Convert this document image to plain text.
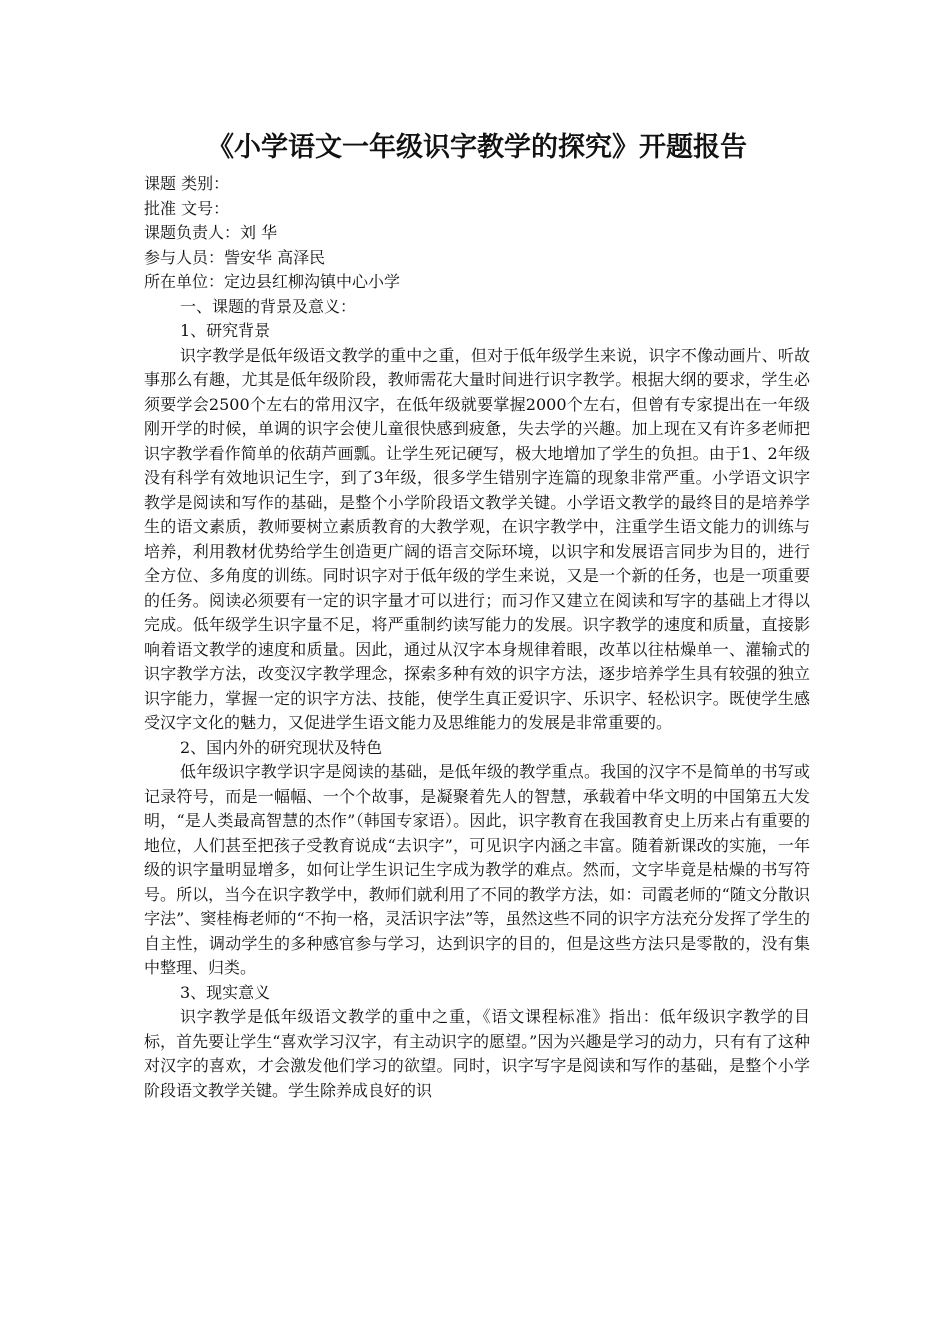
《小学语文一年级识字教学的探究》开题报告

课题 类别：

批准 文号：

课题负责人：刘 华

参与人员：訾安华 高泽民

所在单位：定边县红柳沟镇中心小学

一、课题的背景及意义：

1、研究背景

识字教学是低年级语文教学的重中之重，但对于低年级学生来说，识字不像动画片、听故事那么有趣，尤其是低年级阶段，教师需花大量时间进行识字教学。根据大纲的要求，学生必须要学会2500个左右的常用汉字，在低年级就要掌握2000个左右，但曾有专家提出在一年级刚开学的时候，单调的识字会使儿童很快感到疲惫，失去学的兴趣。加上现在又有许多老师把识字教学看作简单的依葫芦画瓢。让学生死记硬写，极大地增加了学生的负担。由于1、2年级没有科学有效地识记生字，到了3年级，很多学生错别字连篇的现象非常严重。小学语文识字教学是阅读和写作的基础，是整个小学阶段语文教学关键。小学语文教学的最终目的是培养学生的语文素质，教师要树立素质教育的大教学观，在识字教学中，注重学生语文能力的训练与培养，利用教材优势给学生创造更广阔的语言交际环境，以识字和发展语言同步为目的，进行全方位、多角度的训练。同时识字对于低年级的学生来说，又是一个新的任务，也是一项重要的任务。阅读必须要有一定的识字量才可以进行；而习作又建立在阅读和写字的基础上才得以完成。低年级学生识字量不足，将严重制约读写能力的发展。识字教学的速度和质量，直接影响着语文教学的速度和质量。因此，通过从汉字本身规律着眼，改革以往枯燥单一、灌输式的识字教学方法，改变汉字教学理念，探索多种有效的识字方法，逐步培养学生具有较强的独立识字能力，掌握一定的识字方法、技能，使学生真正爱识字、乐识字、轻松识字。既使学生感受汉字文化的魅力，又促进学生语文能力及思维能力的发展是非常重要的。

2、国内外的研究现状及特色

低年级识字教学识字是阅读的基础，是低年级的教学重点。我国的汉字不是简单的书写或记录符号，而是一幅幅、一个个故事，是凝聚着先人的智慧，承载着中华文明的中国第五大发明，“是人类最高智慧的杰作”（韩国专家语）。因此，识字教育在我国教育史上历来占有重要的地位，人们甚至把孩子受教育说成“去识字”，可见识字内涵之丰富。随着新课改的实施，一年级的识字量明显增多，如何让学生识记生字成为教学的难点。然而，文字毕竟是枯燥的书写符号。所以，当今在识字教学中，教师们就利用了不同的教学方法，如：司霞老师的“随文分散识字法”、窦桂梅老师的“不拘一格，灵活识字法”等，虽然这些不同的识字方法充分发挥了学生的自主性，调动学生的多种感官参与学习，达到识字的目的，但是这些方法只是零散的，没有集中整理、归类。

3、现实意义

识字教学是低年级语文教学的重中之重，《语文课程标准》指出：低年级识字教学的目标，首先要让学生“喜欢学习汉字，有主动识字的愿望。”因为兴趣是学习的动力，只有有了这种对汉字的喜欢，才会激发他们学习的欲望。同时，识字写字是阅读和写作的基础，是整个小学阶段语文教学关键。学生除养成良好的识
